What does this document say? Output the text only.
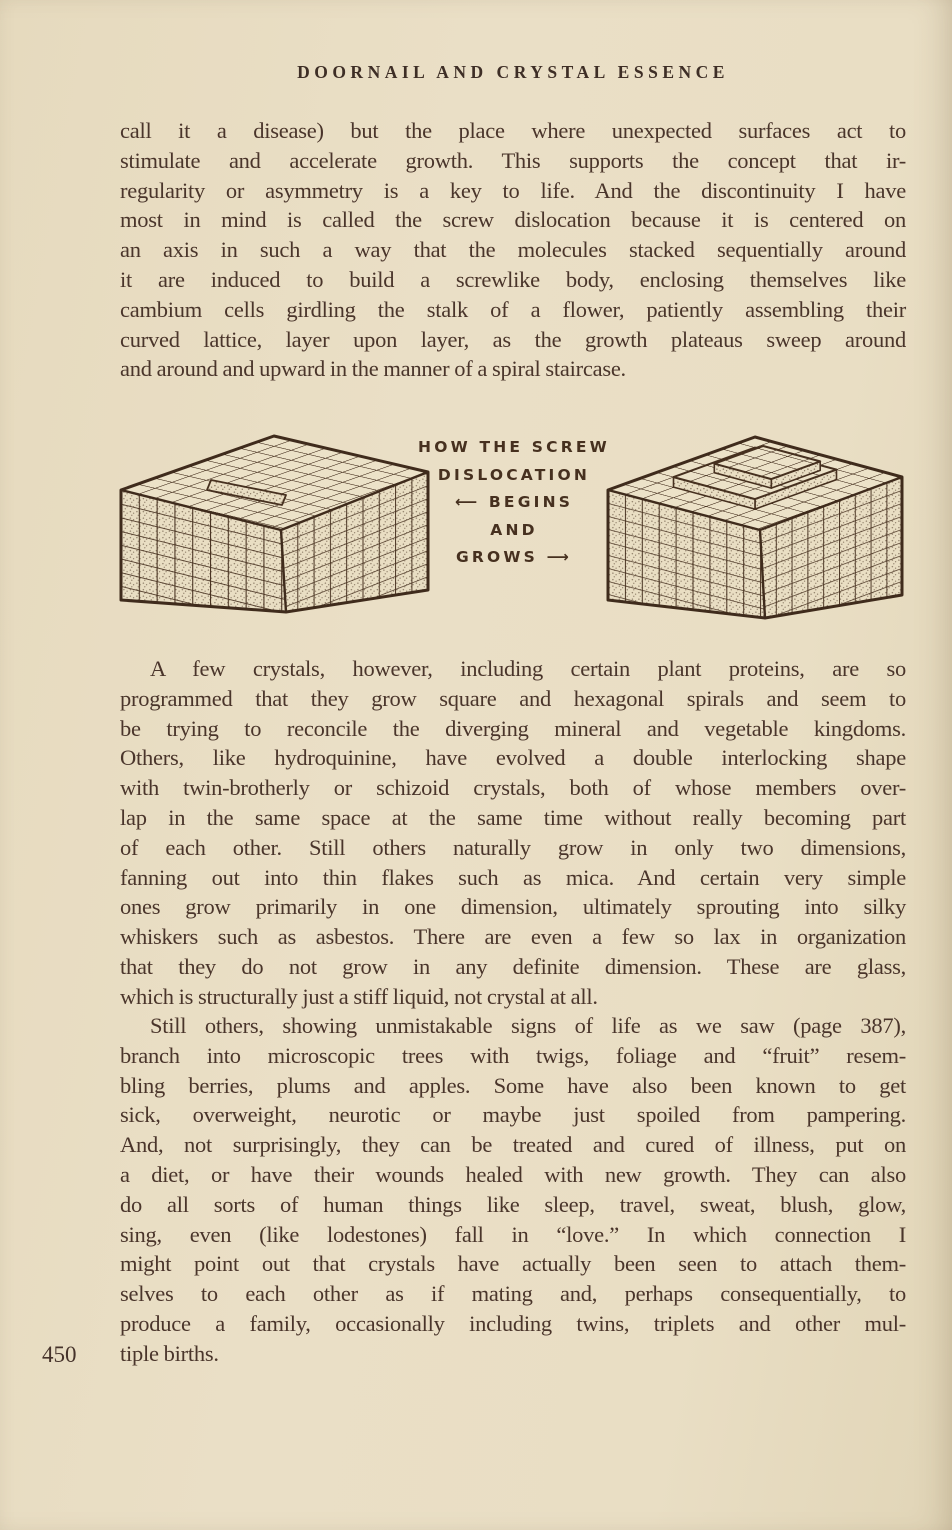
DOORNAIL AND CRYSTAL ESSENCE
call it a disease) but the place where unexpected surfaces act to
stimulate and accelerate growth. This supports the concept that ir-
regularity or asymmetry is a key to life. And the discontinuity I have
most in mind is called the screw dislocation because it is centered on
an axis in such a way that the molecules stacked sequentially around
it are induced to build a screwlike body, enclosing themselves like
cambium cells girdling the stalk of a flower, patiently assembling their
curved lattice, layer upon layer, as the growth plateaus sweep around
and around and upward in the manner of a spiral staircase.
HOW THE SCREW
DISLOCATION
⟵ BEGINS
AND
GROWS ⟶
A few crystals, however, including certain plant proteins, are so
programmed that they grow square and hexagonal spirals and seem to
be trying to reconcile the diverging mineral and vegetable kingdoms.
Others, like hydroquinine, have evolved a double interlocking shape
with twin-brotherly or schizoid crystals, both of whose members over-
lap in the same space at the same time without really becoming part
of each other. Still others naturally grow in only two dimensions,
fanning out into thin flakes such as mica. And certain very simple
ones grow primarily in one dimension, ultimately sprouting into silky
whiskers such as asbestos. There are even a few so lax in organization
that they do not grow in any definite dimension. These are glass,
which is structurally just a stiff liquid, not crystal at all.
Still others, showing unmistakable signs of life as we saw (page 387),
branch into microscopic trees with twigs, foliage and “fruit” resem-
bling berries, plums and apples. Some have also been known to get
sick, overweight, neurotic or maybe just spoiled from pampering.
And, not surprisingly, they can be treated and cured of illness, put on
a diet, or have their wounds healed with new growth. They can also
do all sorts of human things like sleep, travel, sweat, blush, glow,
sing, even (like lodestones) fall in “love.” In which connection I
might point out that crystals have actually been seen to attach them-
selves to each other as if mating and, perhaps consequentially, to
produce a family, occasionally including twins, triplets and other mul-
tiple births.
450
